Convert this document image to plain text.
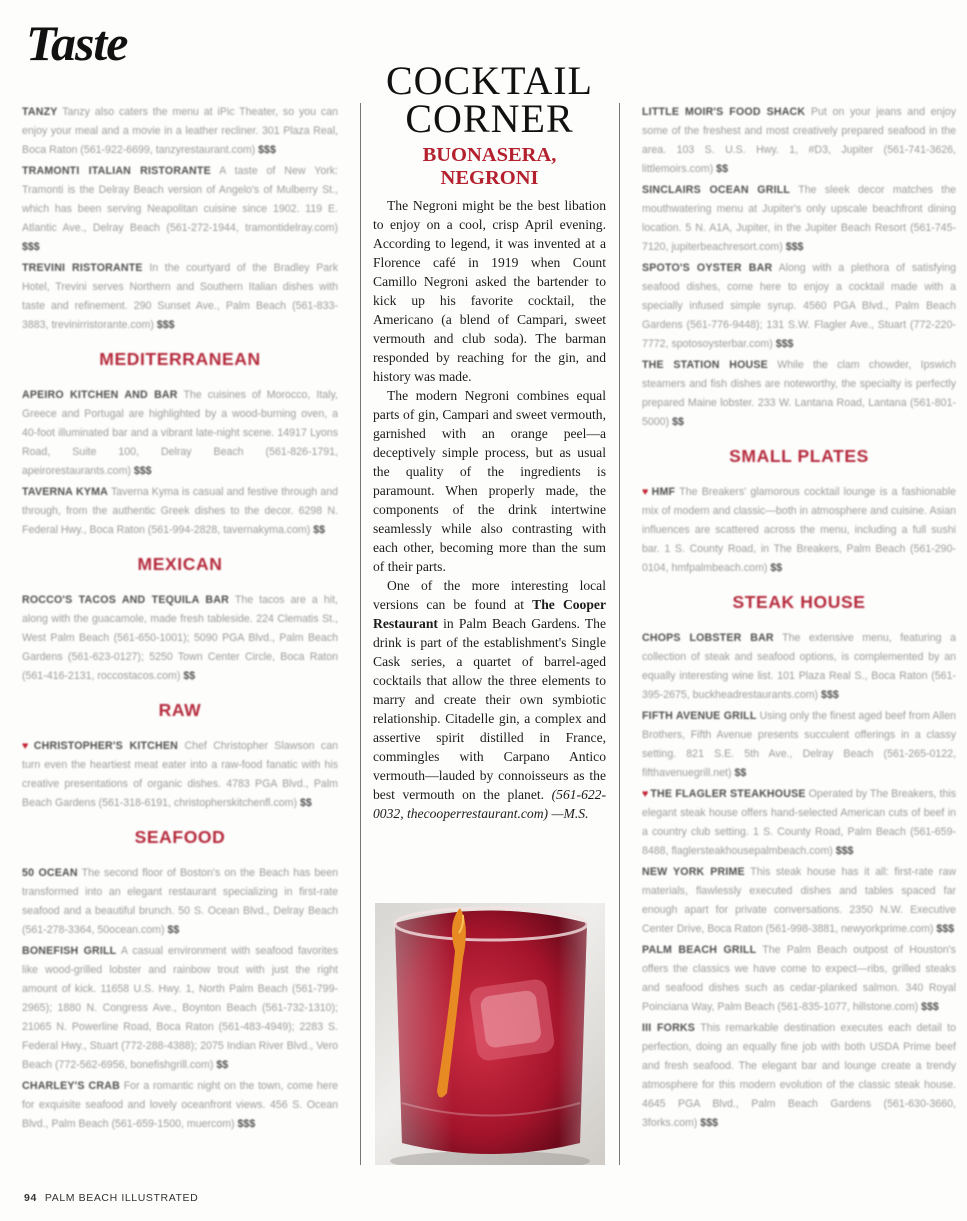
Taste
TANZY Tanzy also caters the menu at iPic Theater, so you can enjoy your meal and a movie in a leather recliner. 301 Plaza Real, Boca Raton (561-922-6699, tanzyrestaurant.com) $$$
TRAMONTI ITALIAN RISTORANTE A taste of New York: Tramonti is the Delray Beach version of Angelo's of Mulberry St., which has been serving Neapolitan cuisine since 1902. 119 E. Atlantic Ave., Delray Beach (561-272-1944, tramontidelray.com) $$$
TREVINI RISTORANTE In the courtyard of the Bradley Park Hotel, Trevini serves Northern and Southern Italian dishes with taste and refinement. 290 Sunset Ave., Palm Beach (561-833-3883, trevinirristorante.com) $$$
MEDITERRANEAN
APEIRO KITCHEN AND BAR The cuisines of Morocco, Italy, Greece and Portugal are highlighted by a wood-burning oven, a 40-foot illuminated bar and a vibrant late-night scene. 14917 Lyons Road, Suite 100, Delray Beach (561-826-1791, apeirorestaurants.com) $$$
TAVERNA KYMA Taverna Kyma is casual and festive through and through, from the authentic Greek dishes to the decor. 6298 N. Federal Hwy., Boca Raton (561-994-2828, tavernakyma.com) $$
MEXICAN
ROCCO'S TACOS AND TEQUILA BAR The tacos are a hit, along with the guacamole, made fresh tableside. 224 Clematis St., West Palm Beach (561-650-1001); 5090 PGA Blvd., Palm Beach Gardens (561-623-0127); 5250 Town Center Circle, Boca Raton (561-416-2131, roccostacos.com) $$
RAW
♥ CHRISTOPHER'S KITCHEN Chef Christopher Slawson can turn even the heartiest meat eater into a raw-food fanatic with his creative presentations of organic dishes. 4783 PGA Blvd., Palm Beach Gardens (561-318-6191, christopherskitchenfl.com) $$
SEAFOOD
50 OCEAN The second floor of Boston's on the Beach has been transformed into an elegant restaurant specializing in first-rate seafood and a beautiful brunch. 50 S. Ocean Blvd., Delray Beach (561-278-3364, 50ocean.com) $$
BONEFISH GRILL A casual environment with seafood favorites like wood-grilled lobster and rainbow trout with just the right amount of kick. 11658 U.S. Hwy. 1, North Palm Beach (561-799-2965); 1880 N. Congress Ave., Boynton Beach (561-732-1310); 21065 N. Powerline Road, Boca Raton (561-483-4949); 2283 S. Federal Hwy., Stuart (772-288-4388); 2075 Indian River Blvd., Vero Beach (772-562-6956, bonefishgrill.com) $$
CHARLEY'S CRAB For a romantic night on the town, come here for exquisite seafood and lovely oceanfront views. 456 S. Ocean Blvd., Palm Beach (561-659-1500, muercom) $$$
COCKTAIL
CORNER
BUONASERA,
NEGRONI

The Negroni might be the best libation to enjoy on a cool, crisp April evening. According to legend, it was invented at a Florence café in 1919 when Count Camillo Negroni asked the bartender to kick up his favorite cocktail, the Americano (a blend of Campari, sweet vermouth and club soda). The barman responded by reaching for the gin, and history was made.

The modern Negroni combines equal parts of gin, Campari and sweet vermouth, garnished with an orange peel—a deceptively simple process, but as usual the quality of the ingredients is paramount. When properly made, the components of the drink intertwine seamlessly while also contrasting with each other, becoming more than the sum of their parts.

One of the more interesting local versions can be found at The Cooper Restaurant in Palm Beach Gardens. The drink is part of the establishment's Single Cask series, a quartet of barrel-aged cocktails that allow the three elements to marry and create their own symbiotic relationship. Citadelle gin, a complex and assertive spirit distilled in France, commingles with Carpano Antico vermouth—lauded by connoisseurs as the best vermouth on the planet. (561-622-0032, thecooperrestaurant.com) —M.S.

LITTLE MOIR'S FOOD SHACK Put on your jeans and enjoy some of the freshest and most creatively prepared seafood in the area. 103 S. U.S. Hwy. 1, #D3, Jupiter (561-741-3626, littlemoirs.com) $$
SINCLAIRS OCEAN GRILL The sleek decor matches the mouthwatering menu at Jupiter's only upscale beachfront dining location. 5 N. A1A, Jupiter, in the Jupiter Beach Resort (561-745-7120, jupiterbeachresort.com) $$$
SPOTO'S OYSTER BAR Along with a plethora of satisfying seafood dishes, come here to enjoy a cocktail made with a specially infused simple syrup. 4560 PGA Blvd., Palm Beach Gardens (561-776-9448); 131 S.W. Flagler Ave., Stuart (772-220-7772, spotosoysterbar.com) $$$
THE STATION HOUSE While the clam chowder, Ipswich steamers and fish dishes are noteworthy, the specialty is perfectly prepared Maine lobster. 233 W. Lantana Road, Lantana (561-801-5000) $$
SMALL PLATES
♥ HMF The Breakers' glamorous cocktail lounge is a fashionable mix of modern and classic—both in atmosphere and cuisine. Asian influences are scattered across the menu, including a full sushi bar. 1 S. County Road, in The Breakers, Palm Beach (561-290-0104, hmfpalmbeach.com) $$
STEAK HOUSE
CHOPS LOBSTER BAR The extensive menu, featuring a collection of steak and seafood options, is complemented by an equally interesting wine list. 101 Plaza Real S., Boca Raton (561-395-2675, buckheadrestaurants.com) $$$
FIFTH AVENUE GRILL Using only the finest aged beef from Allen Brothers, Fifth Avenue presents succulent offerings in a classy setting. 821 S.E. 5th Ave., Delray Beach (561-265-0122, fifthavenuegrill.net) $$
♥ THE FLAGLER STEAKHOUSE Operated by The Breakers, this elegant steak house offers hand-selected American cuts of beef in a country club setting. 1 S. County Road, Palm Beach (561-659-8488, flaglersteakhousepalmbeach.com) $$$
NEW YORK PRIME This steak house has it all: first-rate raw materials, flawlessly executed dishes and tables spaced far enough apart for private conversations. 2350 N.W. Executive Center Drive, Boca Raton (561-998-3881, newyorkprime.com) $$$
PALM BEACH GRILL The Palm Beach outpost of Houston's offers the classics we have come to expect—ribs, grilled steaks and seafood dishes such as cedar-planked salmon. 340 Royal Poinciana Way, Palm Beach (561-835-1077, hillstone.com) $$$
III FORKS This remarkable destination executes each detail to perfection, doing an equally fine job with both USDA Prime beef and fresh seafood. The elegant bar and lounge create a trendy atmosphere for this modern evolution of the classic steak house. 4645 PGA Blvd., Palm Beach Gardens (561-630-3660, 3forks.com) $$$
94 PALM BEACH ILLUSTRATED
